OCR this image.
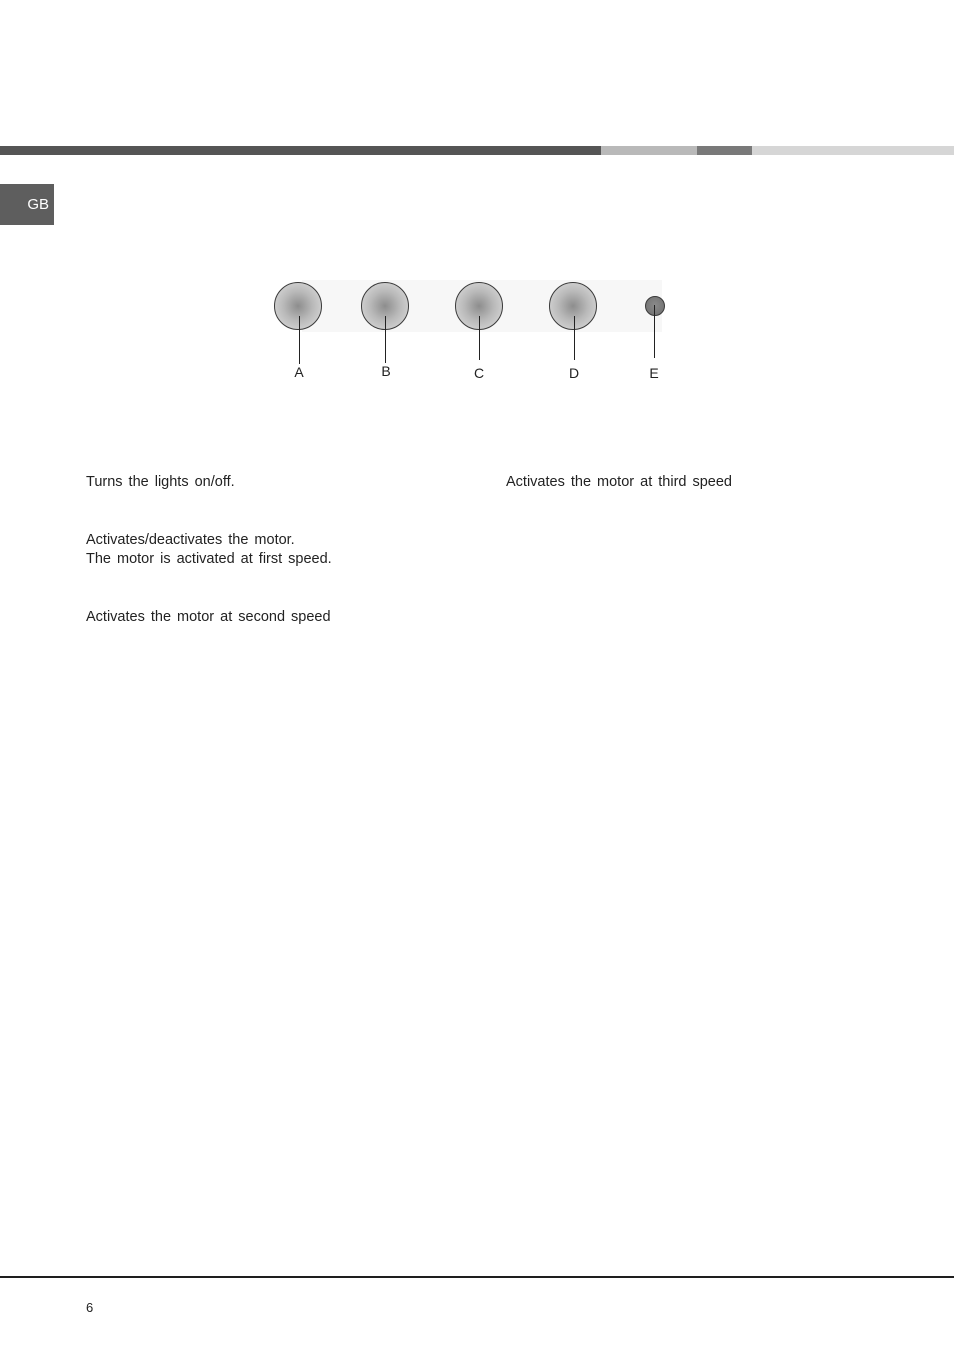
GB
A	B	C	D	E

Turns the lights on/off.

Activates/deactivates the motor.

The motor is activated at first speed.

Activates the motor at second speed

Activates the motor at third speed

6
